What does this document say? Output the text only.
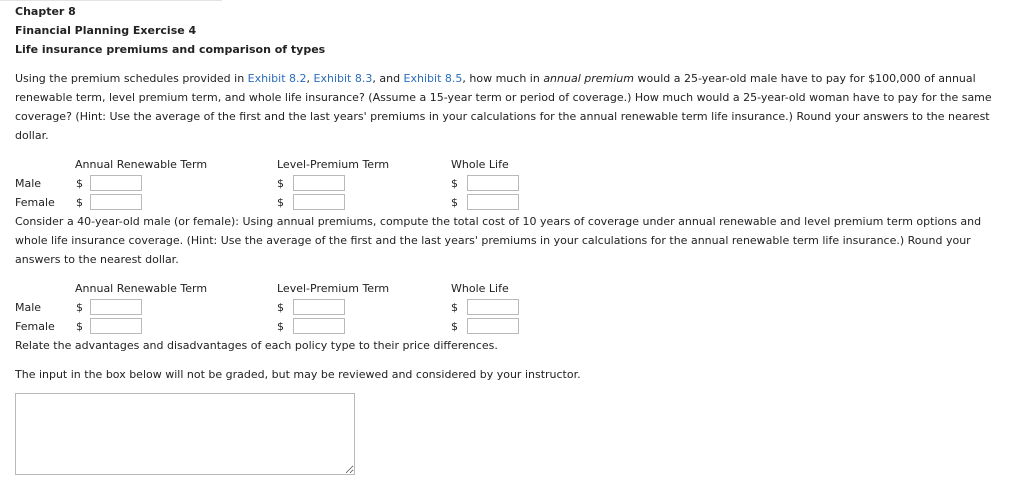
Chapter 8
Financial Planning Exercise 4
Life insurance premiums and comparison of types
Using the premium schedules provided in Exhibit 8.2, Exhibit 8.3, and Exhibit 8.5, how much in annual premium would a 25-year-old male have to pay for $100,000 of annual renewable term, level premium term, and whole life insurance? (Assume a 15-year term or period of coverage.) How much would a 25-year-old woman have to pay for the same coverage? (Hint: Use the average of the first and the last years' premiums in your calculations for the annual renewable term life insurance.) Round your answers to the nearest dollar.
Annual Renewable Term	Level-Premium Term	Whole Life
Male	$	$	$
Female $	$	$
Consider a 40-year-old male (or female): Using annual premiums, compute the total cost of 10 years of coverage under annual renewable and level premium term options and whole life insurance coverage. (Hint: Use the average of the first and the last years' premiums in your calculations for the annual renewable term life insurance.) Round your answers to the nearest dollar.
Annual Renewable Term	Level-Premium Term	Whole Life
Male	$	$	$
Female $	$	$
Relate the advantages and disadvantages of each policy type to their price differences.
The input in the box below will not be graded, but may be reviewed and considered by your instructor.
